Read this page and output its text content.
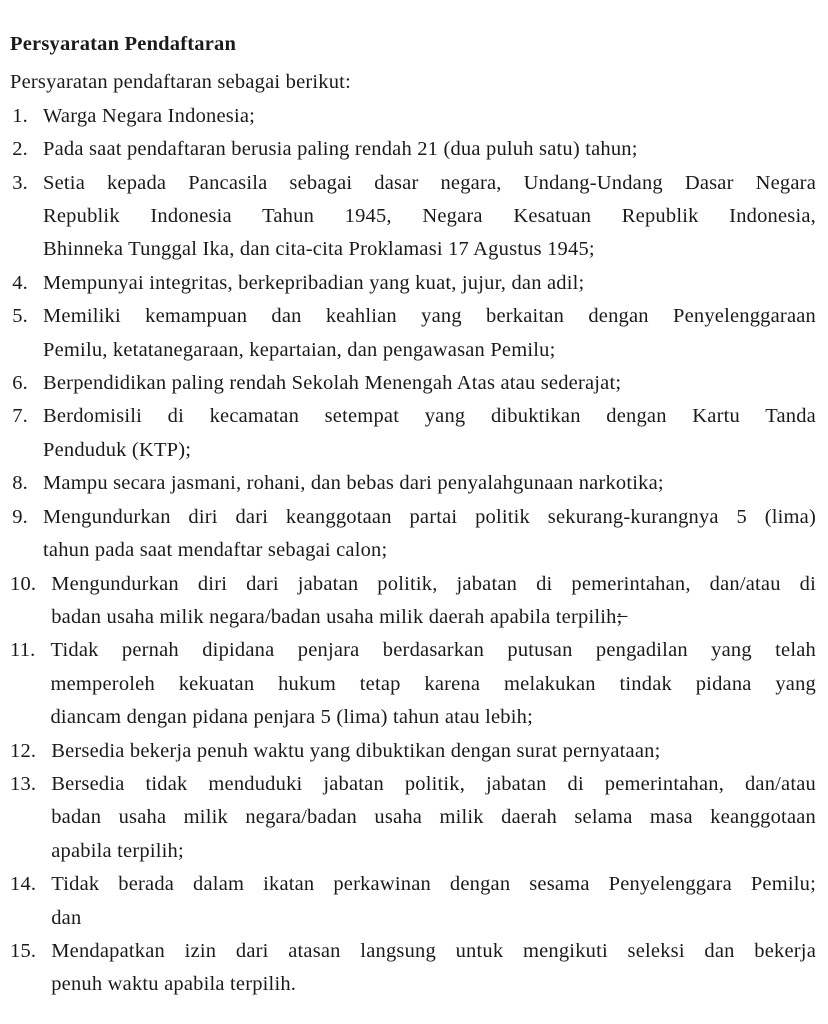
Persyaratan Pendaftaran

Persyaratan pendaftaran sebagai berikut:

1. Warga Negara Indonesia;
2. Pada saat pendaftaran berusia paling rendah 21 (dua puluh satu) tahun;
3. Setia kepada Pancasila sebagai dasar negara, Undang-Undang Dasar Negara
Republik Indonesia Tahun 1945, Negara Kesatuan Republik Indonesia,
Bhinneka Tunggal Ika, dan cita-cita Proklamasi 17 Agustus 1945;
4. Mempunyai integritas, berkepribadian yang kuat, jujur, dan adil;
5. Memiliki kemampuan dan keahlian yang berkaitan dengan Penyelenggaraan
Pemilu, ketatanegaraan, kepartaian, dan pengawasan Pemilu;
6. Berpendidikan paling rendah Sekolah Menengah Atas atau sederajat;
7. Berdomisili di kecamatan setempat yang dibuktikan dengan Kartu Tanda
Penduduk (KTP);
8. Mampu secara jasmani, rohani, dan bebas dari penyalahgunaan narkotika;
9. Mengundurkan diri dari keanggotaan partai politik sekurang-kurangnya 5 (lima)
tahun pada saat mendaftar sebagai calon;
10. Mengundurkan diri dari jabatan politik, jabatan di pemerintahan, dan/atau di
badan usaha milik negara/badan usaha milik daerah apabila terpilih;̶
11. Tidak pernah dipidana penjara berdasarkan putusan pengadilan yang telah
memperoleh kekuatan hukum tetap karena melakukan tindak pidana yang
diancam dengan pidana penjara 5 (lima) tahun atau lebih;
12. Bersedia bekerja penuh waktu yang dibuktikan dengan surat pernyataan;
13. Bersedia tidak menduduki jabatan politik, jabatan di pemerintahan, dan/atau
badan usaha milik negara/badan usaha milik daerah selama masa keanggotaan
apabila terpilih;
14. Tidak berada dalam ikatan perkawinan dengan sesama Penyelenggara Pemilu;
dan
15. Mendapatkan izin dari atasan langsung untuk mengikuti seleksi dan bekerja
penuh waktu apabila terpilih.
